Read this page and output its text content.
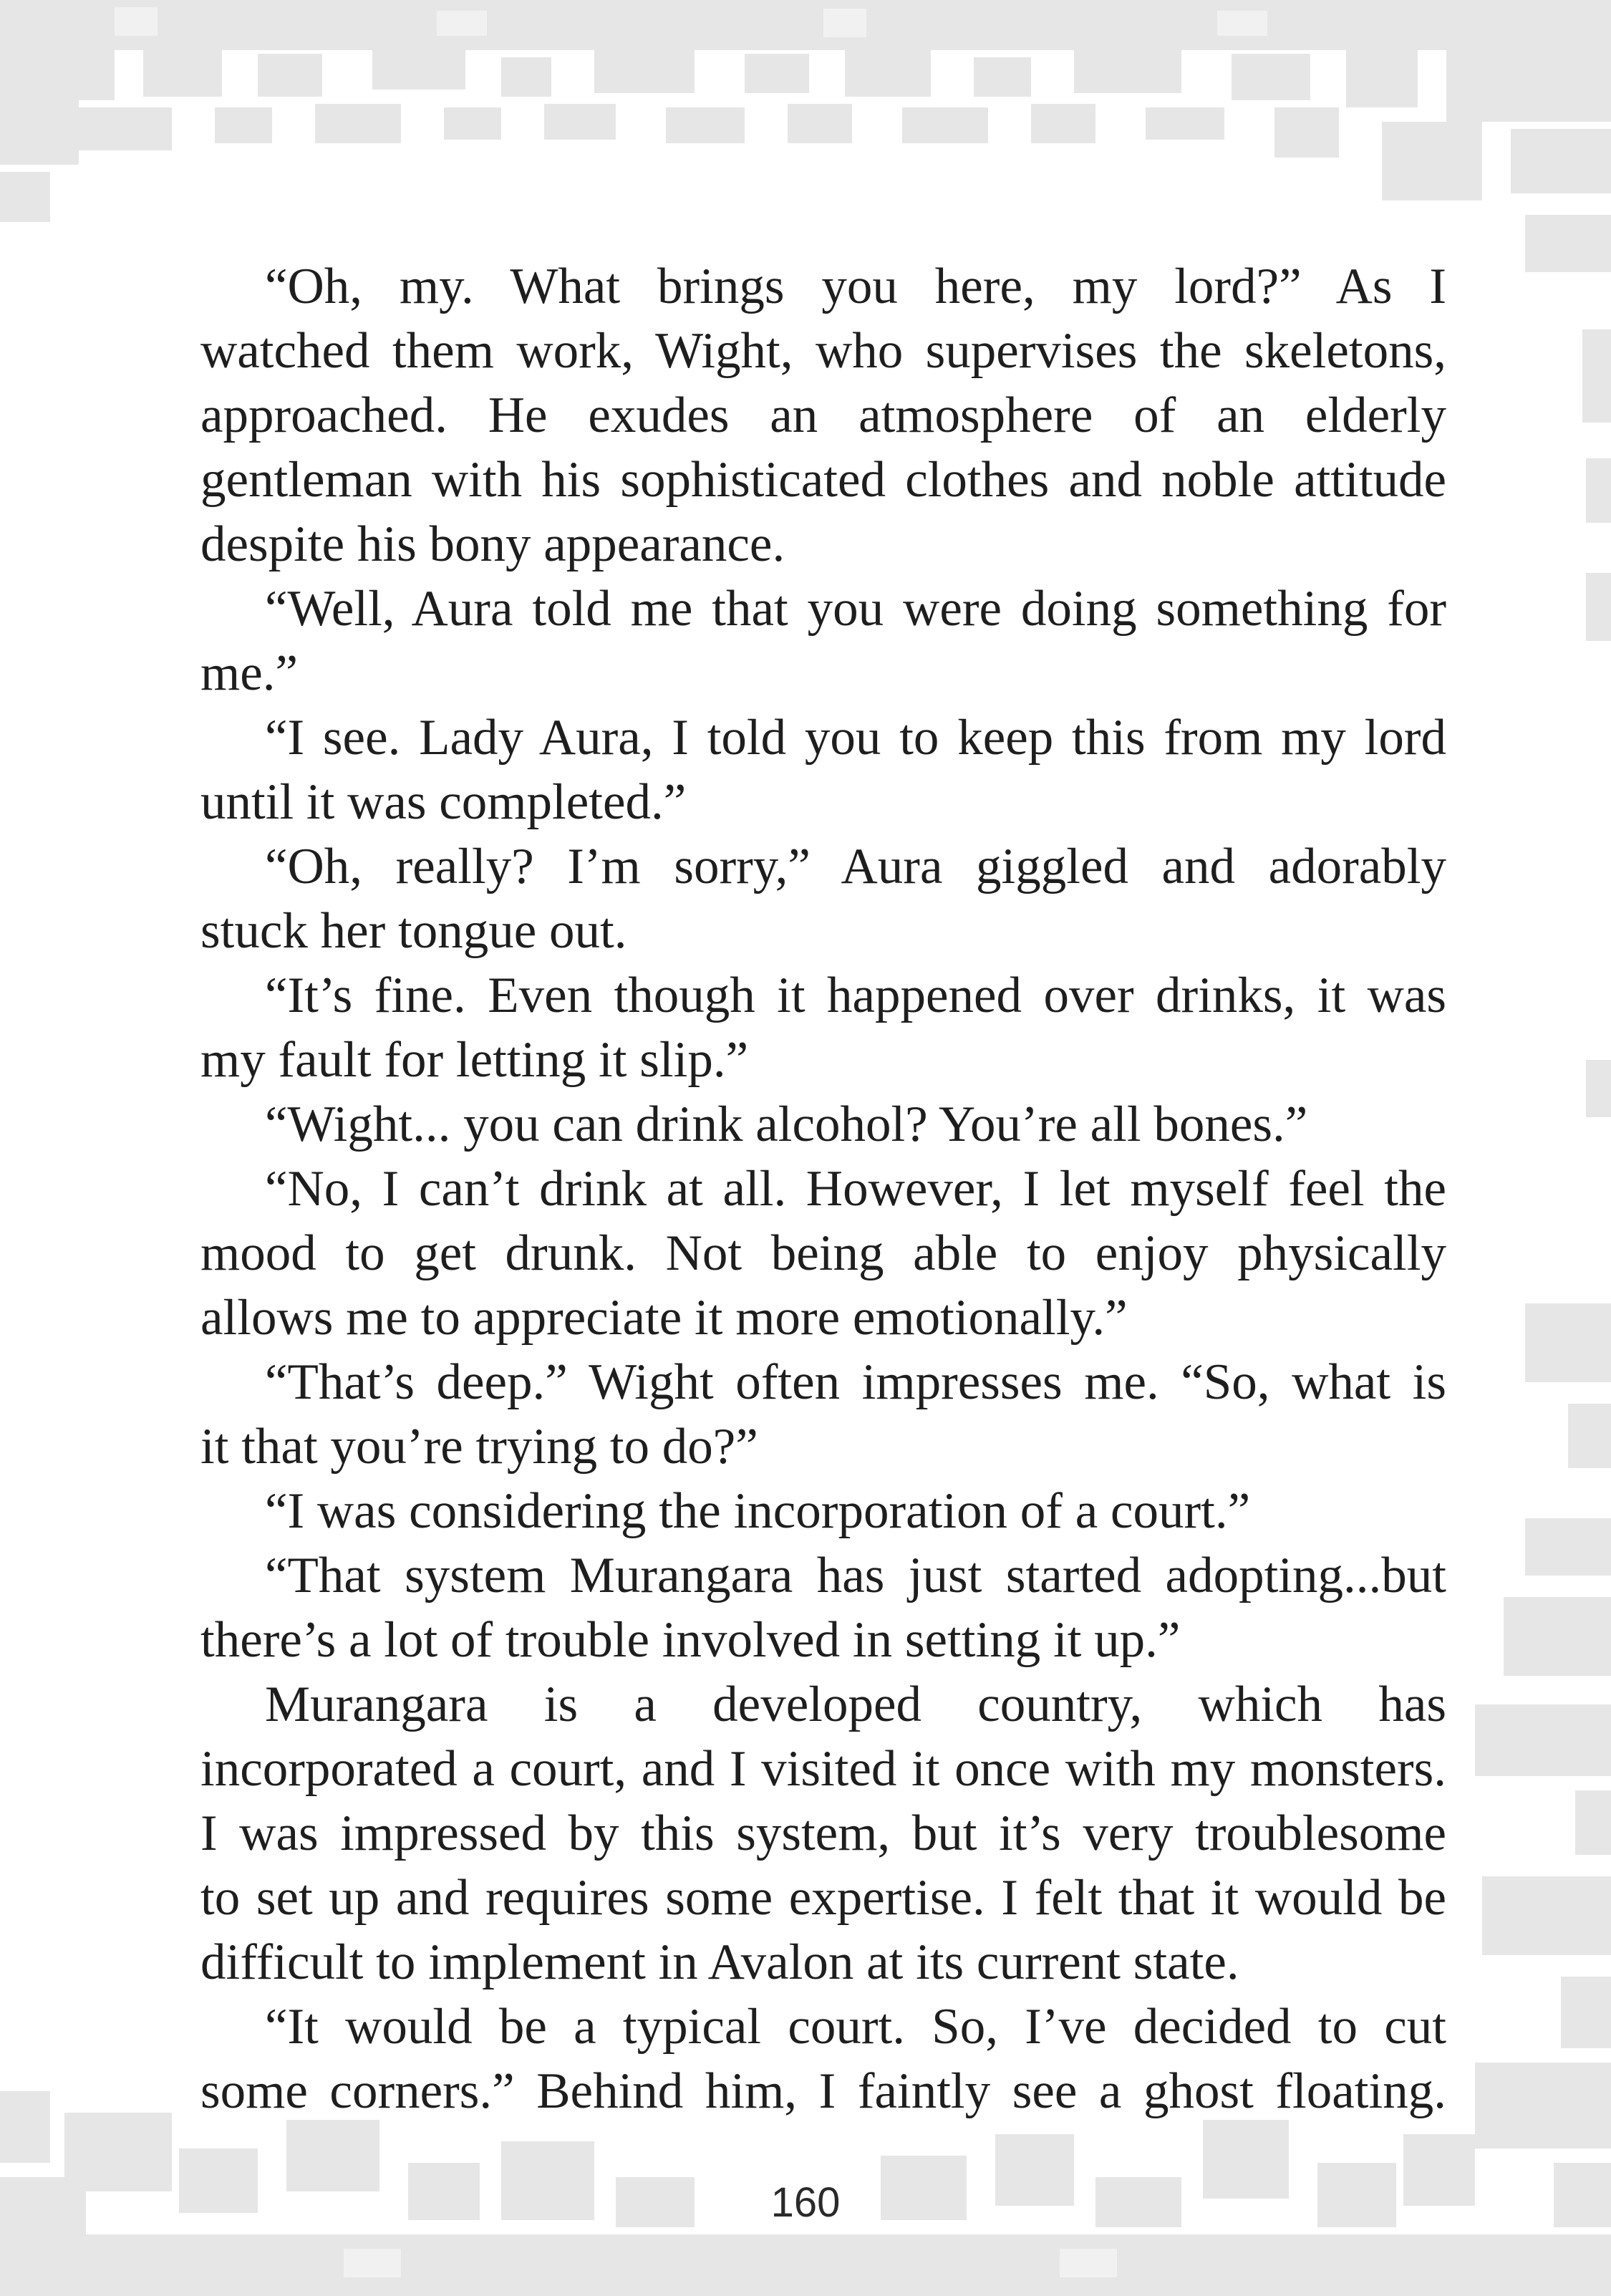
“Oh, my. What brings you here, my lord?” As I
watched them work, Wight, who supervises the skeletons,
approached. He exudes an atmosphere of an elderly
gentleman with his sophisticated clothes and noble attitude
despite his bony appearance.
“Well, Aura told me that you were doing something for
me.”
“I see. Lady Aura, I told you to keep this from my lord
until it was completed.”
“Oh, really? I’m sorry,” Aura giggled and adorably
stuck her tongue out.
“It’s fine. Even though it happened over drinks, it was
my fault for letting it slip.”
“Wight... you can drink alcohol? You’re all bones.”
“No, I can’t drink at all. However, I let myself feel the
mood to get drunk. Not being able to enjoy physically
allows me to appreciate it more emotionally.”
“That’s deep.” Wight often impresses me. “So, what is
it that you’re trying to do?”
“I was considering the incorporation of a court.”
“That system Murangara has just started adopting...but
there’s a lot of trouble involved in setting it up.”
Murangara is a developed country, which has
incorporated a court, and I visited it once with my monsters.
I was impressed by this system, but it’s very troublesome
to set up and requires some expertise. I felt that it would be
difficult to implement in Avalon at its current state.
“It would be a typical court. So, I’ve decided to cut
some corners.” Behind him, I faintly see a ghost floating.
160
